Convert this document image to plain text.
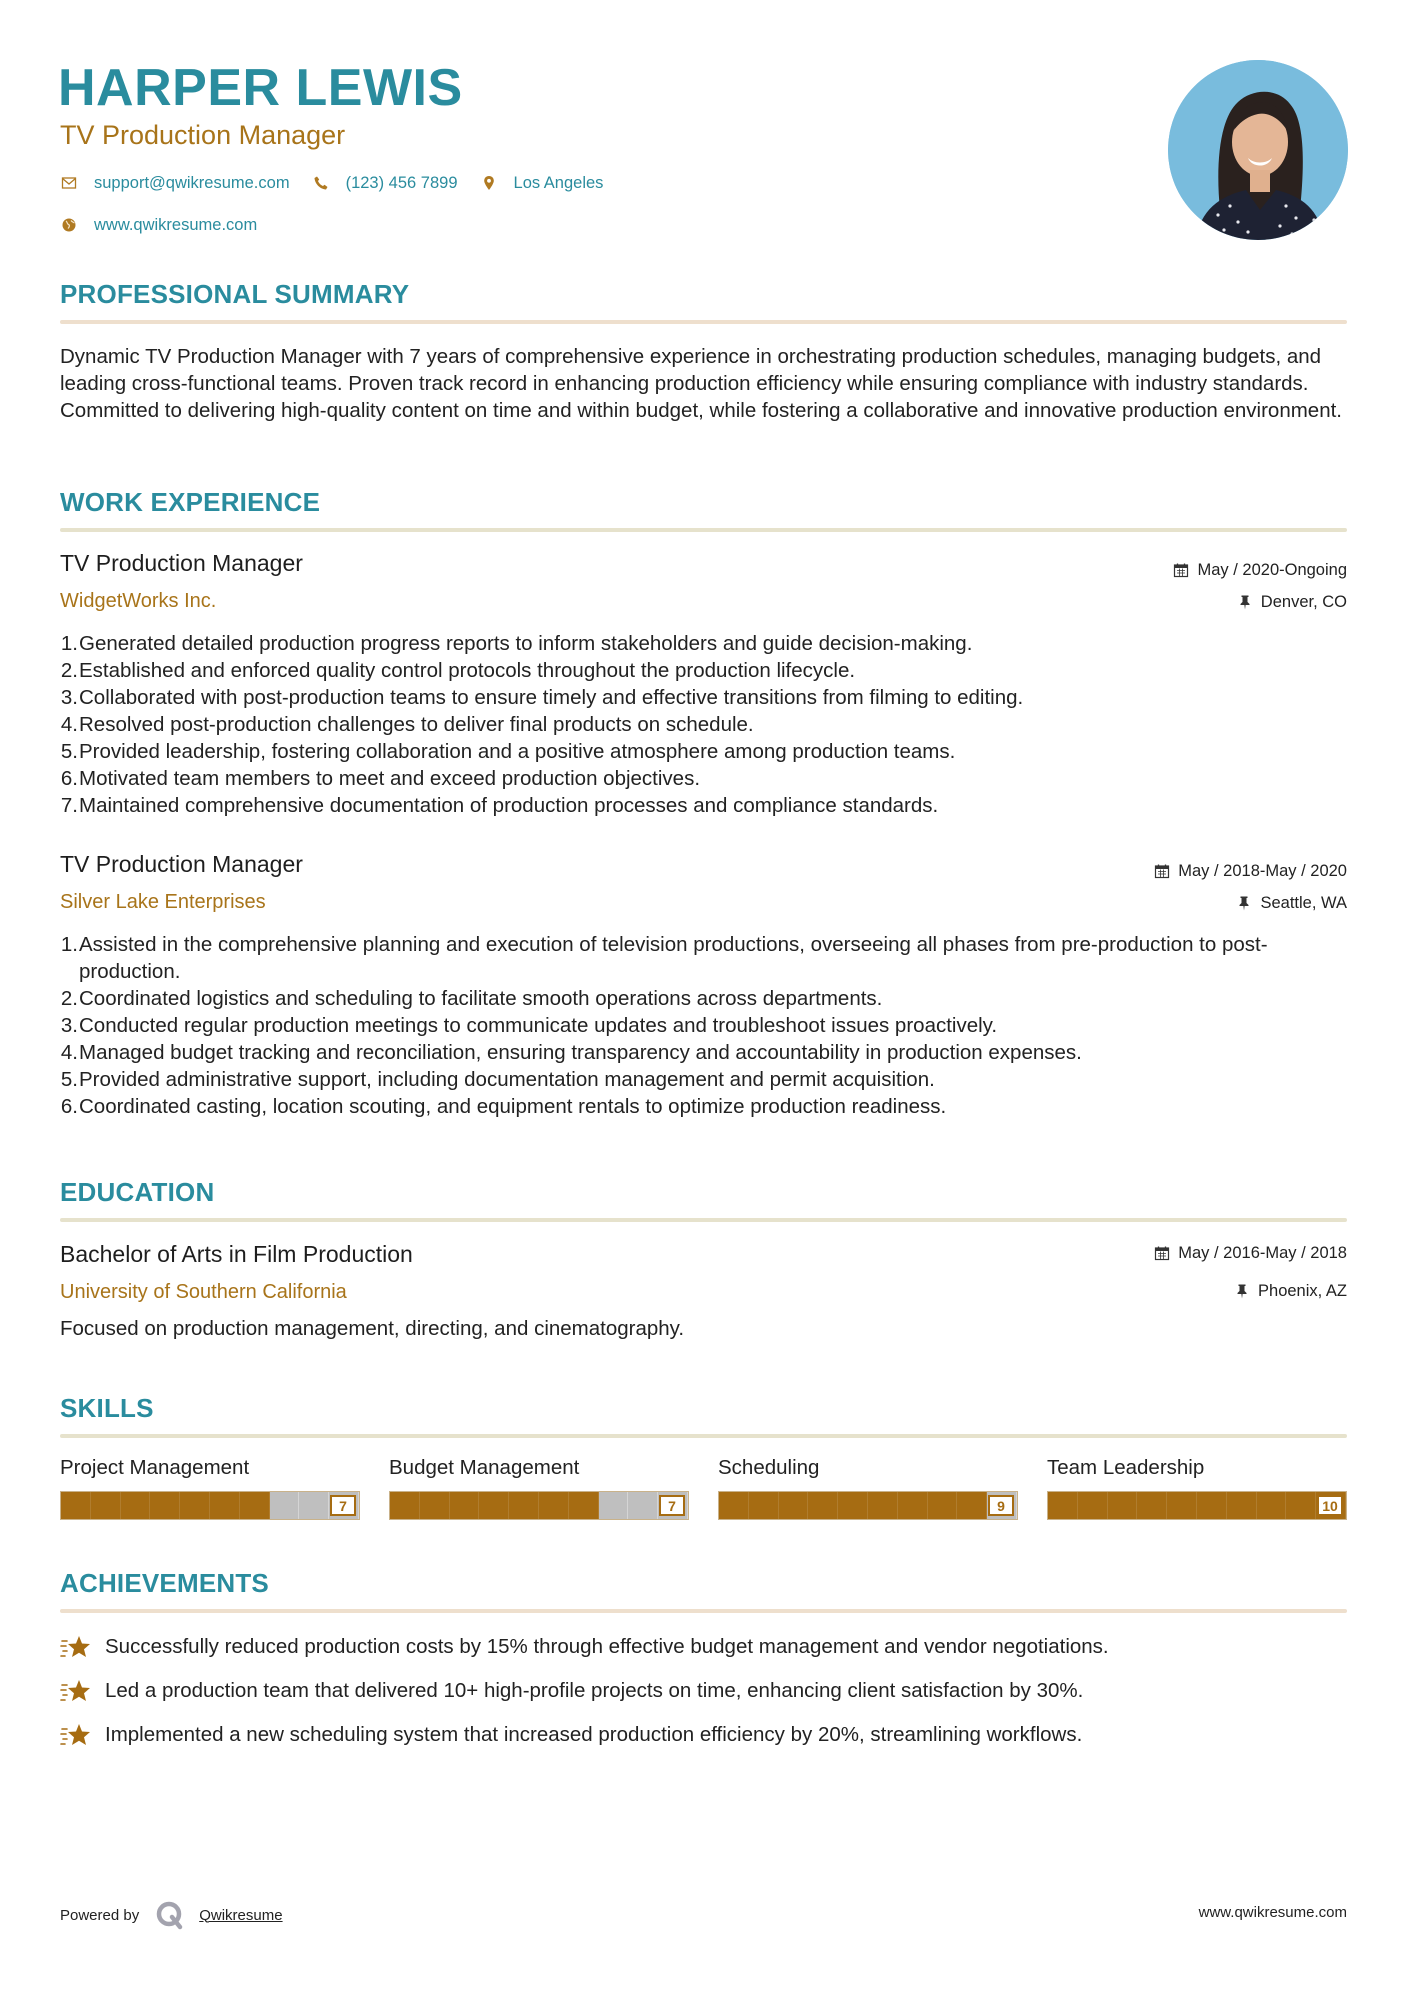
HARPER LEWIS
TV Production Manager
support@qwikresume.com	(123) 456 7899	Los Angeles
www.qwikresume.com
PROFESSIONAL SUMMARY
Dynamic TV Production Manager with 7 years of comprehensive experience in orchestrating production schedules, managing budgets, and leading cross-functional teams. Proven track record in enhancing production efficiency while ensuring compliance with industry standards. Committed to delivering high-quality content on time and within budget, while fostering a collaborative and innovative production environment.
WORK EXPERIENCE
TV Production Manager
WidgetWorks Inc.
May / 2020-Ongoing
Denver, CO
1. Generated detailed production progress reports to inform stakeholders and guide decision-making.
2. Established and enforced quality control protocols throughout the production lifecycle.
3. Collaborated with post-production teams to ensure timely and effective transitions from filming to editing.
4. Resolved post-production challenges to deliver final products on schedule.
5. Provided leadership, fostering collaboration and a positive atmosphere among production teams.
6. Motivated team members to meet and exceed production objectives.
7. Maintained comprehensive documentation of production processes and compliance standards.
TV Production Manager
Silver Lake Enterprises
May / 2018-May / 2020
Seattle, WA
1. Assisted in the comprehensive planning and execution of television productions, overseeing all phases from pre-production to post-production.
2. Coordinated logistics and scheduling to facilitate smooth operations across departments.
3. Conducted regular production meetings to communicate updates and troubleshoot issues proactively.
4. Managed budget tracking and reconciliation, ensuring transparency and accountability in production expenses.
5. Provided administrative support, including documentation management and permit acquisition.
6. Coordinated casting, location scouting, and equipment rentals to optimize production readiness.
EDUCATION
Bachelor of Arts in Film Production
University of Southern California
May / 2016-May / 2018
Phoenix, AZ
Focused on production management, directing, and cinematography.
SKILLS
Project Management
7
Budget Management
7
Scheduling
9
Team Leadership
10
ACHIEVEMENTS
Successfully reduced production costs by 15% through effective budget management and vendor negotiations.
Led a production team that delivered 10+ high-profile projects on time, enhancing client satisfaction by 30%.
Implemented a new scheduling system that increased production efficiency by 20%, streamlining workflows.
Powered by	Qwikresume	www.qwikresume.com
